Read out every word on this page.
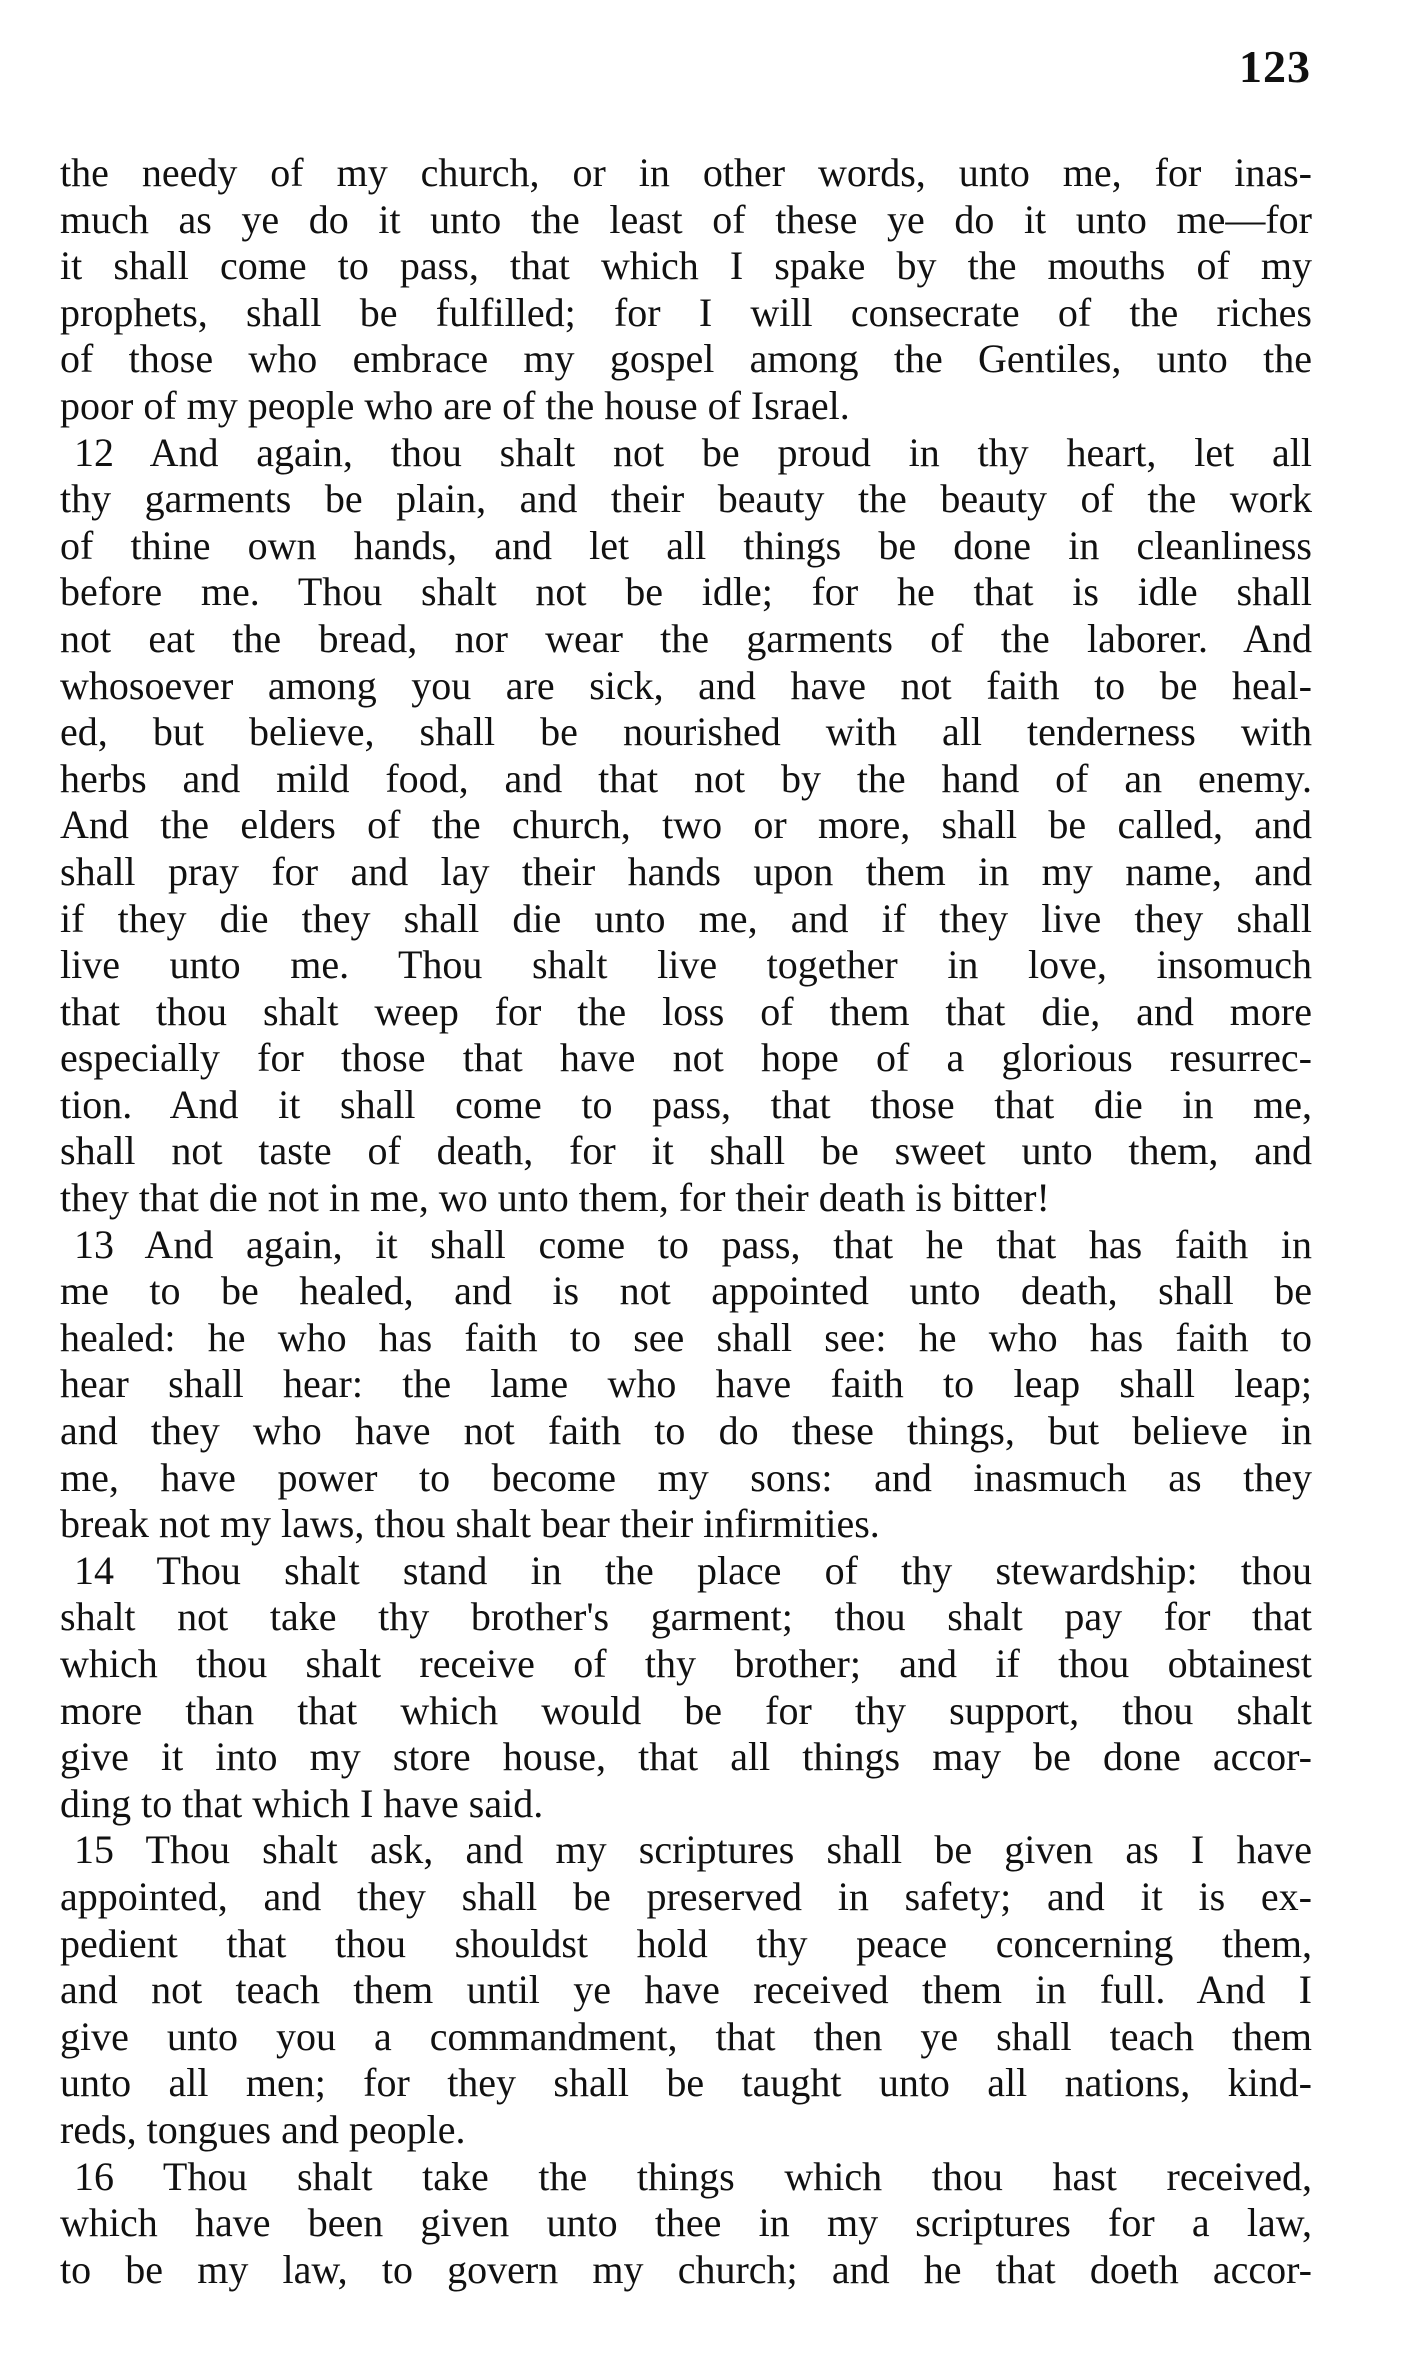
123
the needy of my church, or in other words, unto me, for inas-
much as ye do it unto the least of these ye do it unto me—for
it shall come to pass, that which I spake by the mouths of my
prophets, shall be fulfilled; for I will consecrate of the riches
of those who embrace my gospel among the Gentiles, unto the
poor of my people who are of the house of Israel.
12 And again, thou shalt not be proud in thy heart, let all
thy garments be plain, and their beauty the beauty of the work
of thine own hands, and let all things be done in cleanliness
before me. Thou shalt not be idle; for he that is idle shall
not eat the bread, nor wear the garments of the laborer. And
whosoever among you are sick, and have not faith to be heal-
ed, but believe, shall be nourished with all tenderness with
herbs and mild food, and that not by the hand of an enemy.
And the elders of the church, two or more, shall be called, and
shall pray for and lay their hands upon them in my name, and
if they die they shall die unto me, and if they live they shall
live unto me. Thou shalt live together in love, insomuch
that thou shalt weep for the loss of them that die, and more
especially for those that have not hope of a glorious resurrec-
tion. And it shall come to pass, that those that die in me,
shall not taste of death, for it shall be sweet unto them, and
they that die not in me, wo unto them, for their death is bitter!
13 And again, it shall come to pass, that he that has faith in
me to be healed, and is not appointed unto death, shall be
healed: he who has faith to see shall see: he who has faith to
hear shall hear: the lame who have faith to leap shall leap;
and they who have not faith to do these things, but believe in
me, have power to become my sons: and inasmuch as they
break not my laws, thou shalt bear their infirmities.
14 Thou shalt stand in the place of thy stewardship: thou
shalt not take thy brother's garment; thou shalt pay for that
which thou shalt receive of thy brother; and if thou obtainest
more than that which would be for thy support, thou shalt
give it into my store house, that all things may be done accor-
ding to that which I have said.
15 Thou shalt ask, and my scriptures shall be given as I have
appointed, and they shall be preserved in safety; and it is ex-
pedient that thou shouldst hold thy peace concerning them,
and not teach them until ye have received them in full. And I
give unto you a commandment, that then ye shall teach them
unto all men; for they shall be taught unto all nations, kind-
reds, tongues and people.
16 Thou shalt take the things which thou hast received,
which have been given unto thee in my scriptures for a law,
to be my law, to govern my church; and he that doeth accor-
